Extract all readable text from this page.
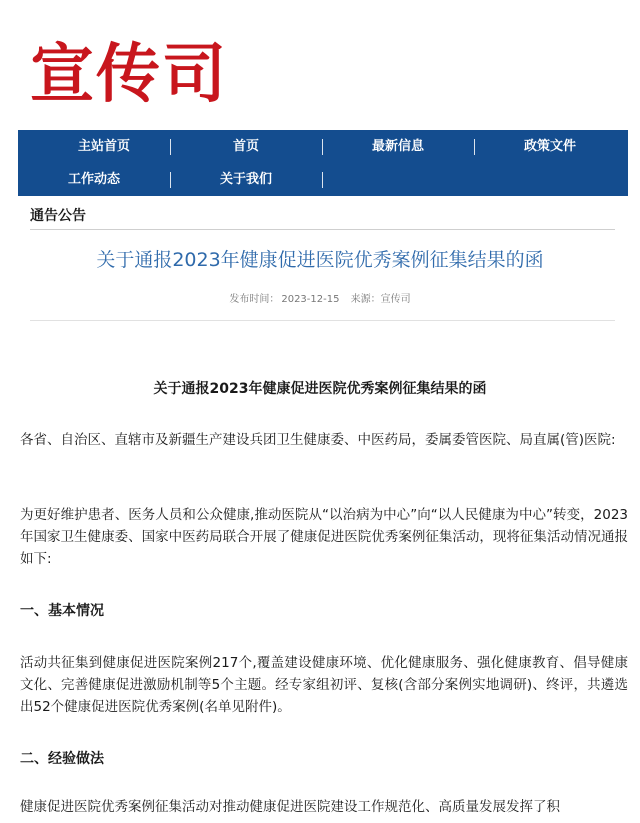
宣传司
主站首页	首页	最新信息	政策文件
工作动态	关于我们
通告公告
关于通报2023年健康促进医院优秀案例征集结果的函
发布时间： 2023-12-15 来源：宣传司
关于通报2023年健康促进医院优秀案例征集结果的函
各省、自治区、直辖市及新疆生产建设兵团卫生健康委、中医药局，委属委管医院、局直属(管)医院:
为更好维护患者、医务人员和公众健康,推动医院从“以治病为中心”向“以人民健康为中心”转变，2023年国家卫生健康委、国家中医药局联合开展了健康促进医院优秀案例征集活动，现将征集活动情况通报如下:
一、基本情况
活动共征集到健康促进医院案例217个,覆盖建设健康环境、优化健康服务、强化健康教育、倡导健康文化、完善健康促进激励机制等5个主题。经专家组初评、复核(含部分案例实地调研)、终评，共遴选出52个健康促进医院优秀案例(名单见附件)。
二、经验做法
健康促进医院优秀案例征集活动对推动健康促进医院建设工作规范化、高质量发展发挥了积
